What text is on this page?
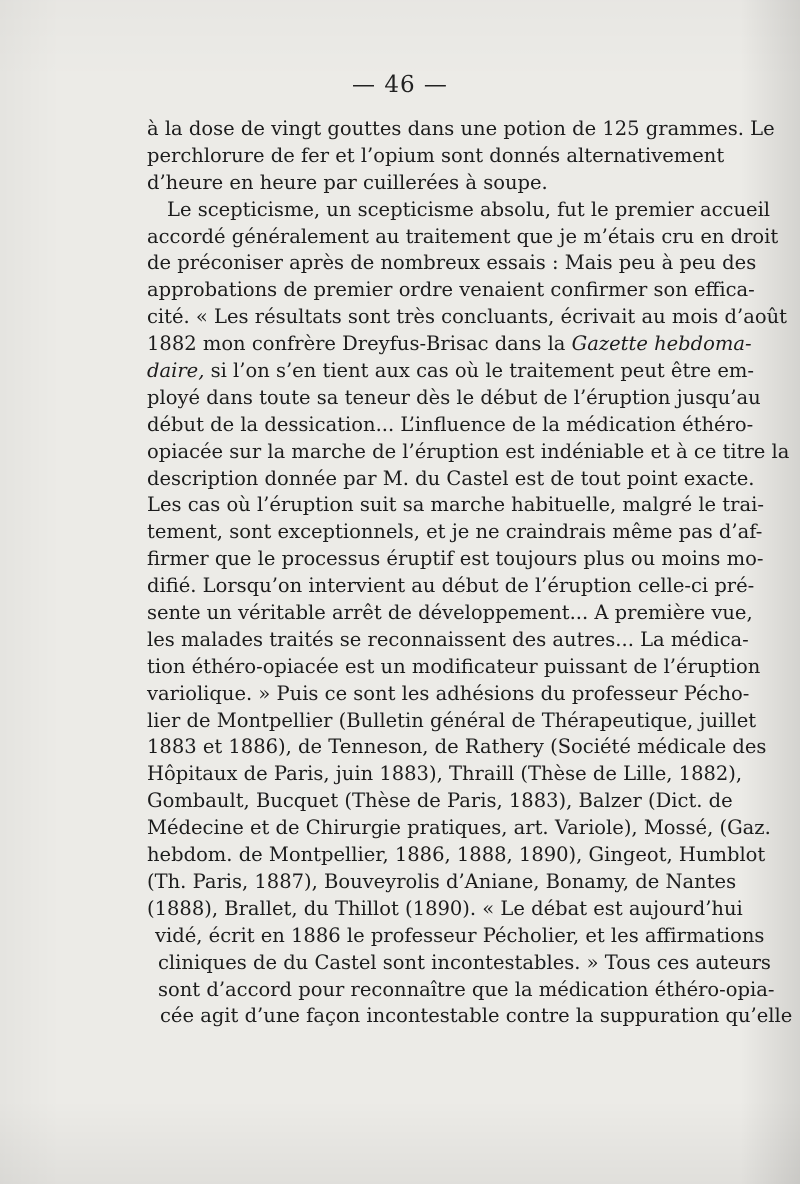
— 46 —
à la dose de vingt gouttes dans une potion de 125 grammes. Le
perchlorure de fer et l’opium sont donnés alternativement
d’heure en heure par cuillerées à soupe.
Le scepticisme, un scepticisme absolu, fut le premier accueil
accordé généralement au traitement que je m’étais cru en droit
de préconiser après de nombreux essais : Mais peu à peu des
approbations de premier ordre venaient confirmer son effica-
cité. « Les résultats sont très concluants, écrivait au mois d’août
1882 mon confrère Dreyfus-Brisac dans la Gazette hebdoma-
daire, si l’on s’en tient aux cas où le traitement peut être em-
ployé dans toute sa teneur dès le début de l’éruption jusqu’au
début de la dessication... L’influence de la médication éthéro-
opiacée sur la marche de l’éruption est indéniable et à ce titre la
description donnée par M. du Castel est de tout point exacte.
Les cas où l’éruption suit sa marche habituelle, malgré le trai-
tement, sont exceptionnels, et je ne craindrais même pas d’af-
firmer que le processus éruptif est toujours plus ou moins mo-
difié. Lorsqu’on intervient au début de l’éruption celle-ci pré-
sente un véritable arrêt de développement... A première vue,
les malades traités se reconnaissent des autres... La médica-
tion éthéro-opiacée est un modificateur puissant de l’éruption
variolique. » Puis ce sont les adhésions du professeur Pécho-
lier de Montpellier (Bulletin général de Thérapeutique, juillet
1883 et 1886), de Tenneson, de Rathery (Société médicale des
Hôpitaux de Paris, juin 1883), Thraill (Thèse de Lille, 1882),
Gombault, Bucquet (Thèse de Paris, 1883), Balzer (Dict. de
Médecine et de Chirurgie pratiques, art. Variole), Mossé, (Gaz.
hebdom. de Montpellier, 1886, 1888, 1890), Gingeot, Humblot
(Th. Paris, 1887), Bouveyrolis d’Aniane, Bonamy, de Nantes
(1888), Brallet, du Thillot (1890). « Le débat est aujourd’hui
vidé, écrit en 1886 le professeur Pécholier, et les affirmations
cliniques de du Castel sont incontestables. » Tous ces auteurs
sont d’accord pour reconnaître que la médication éthéro-opia-
cée agit d’une façon incontestable contre la suppuration qu’elle
